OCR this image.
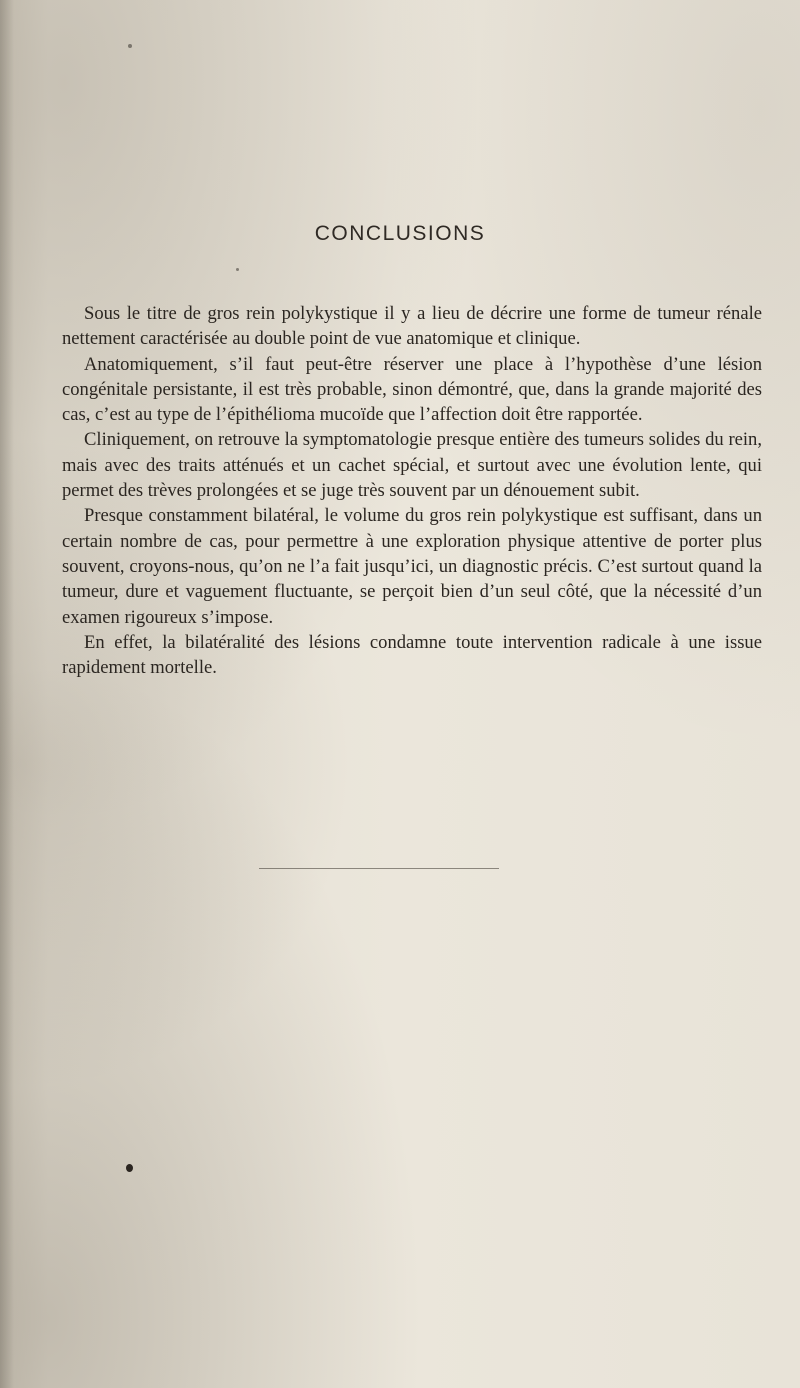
CONCLUSIONS

Sous le titre de gros rein polykystique il y a lieu de décrire une forme de tumeur rénale nettement caractérisée au double point de vue anatomique et clinique.

Anatomiquement, s’il faut peut-être réserver une place à l’hypothèse d’une lésion congénitale persistante, il est très probable, sinon démontré, que, dans la grande majorité des cas, c’est au type de l’épithélioma mucoïde que l’affection doit être rapportée.

Cliniquement, on retrouve la symptomatologie presque entière des tumeurs solides du rein, mais avec des traits atténués et un cachet spécial, et surtout avec une évolution lente, qui permet des trèves prolongées et se juge très souvent par un dénouement subit.

Presque constamment bilatéral, le volume du gros rein polykystique est suffisant, dans un certain nombre de cas, pour permettre à une exploration physique attentive de porter plus souvent, croyons-nous, qu’on ne l’a fait jusqu’ici, un diagnostic précis. C’est surtout quand la tumeur, dure et vaguement fluctuante, se perçoit bien d’un seul côté, que la nécessité d’un examen rigoureux s’impose.

En effet, la bilatéralité des lésions condamne toute intervention radicale à une issue rapidement mortelle.
